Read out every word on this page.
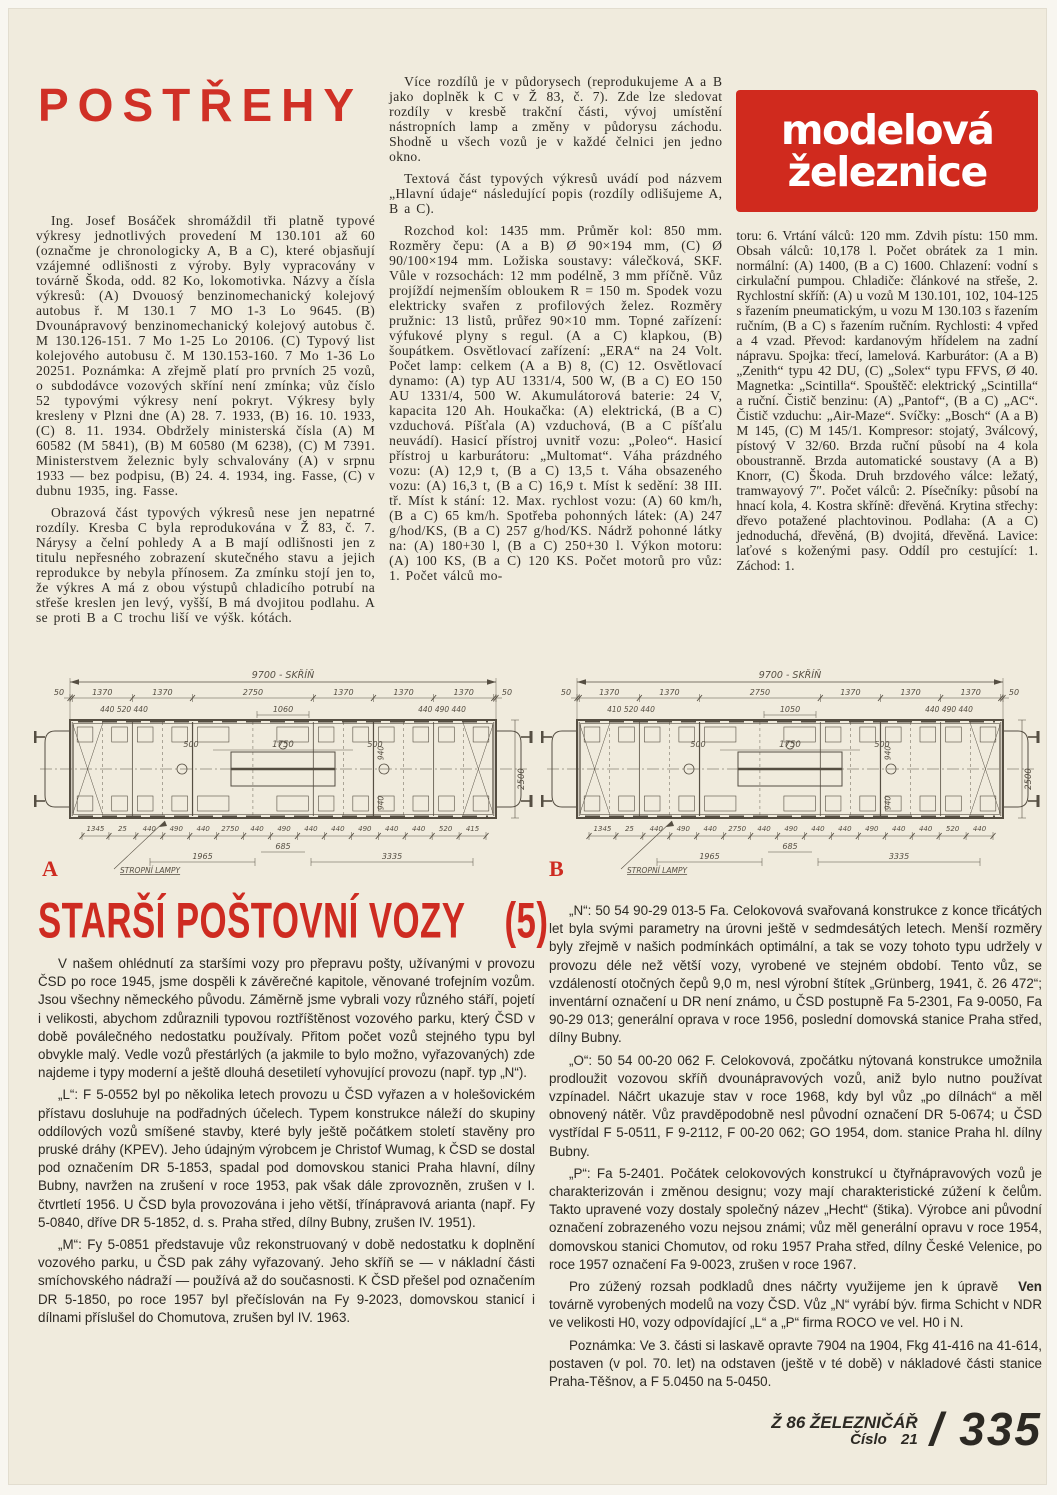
POSTŘEHY

Ing. Josef Bosáček shromáždil tři platně typové výkresy jednotlivých provedení M 130.101 až 60 (označme je chronologicky A, B a C), které objasňují vzájemné odlišnosti z výroby. Byly vypracovány v továrně Škoda, odd. 82 Ko, lokomotivka. Názvy a čísla výkresů: (A) Dvouosý benzinomechanický kolejový autobus ř. M 130.1 7 MO 1-3 Lo 9645. (B) Dvounápravový benzinomechanický kolejový autobus č. M 130.126-151. 7 Mo 1-25 Lo 20106. (C) Typový list kolejového autobusu č. M 130.153-160. 7 Mo 1-36 Lo 20251. Poznámka: A zřejmě platí pro prvních 25 vozů, o subdodávce vozových skříní není zmínka; vůz číslo 52 typovými výkresy není pokryt. Výkresy byly kresleny v Plzni dne (A) 28. 7. 1933, (B) 16. 10. 1933, (C) 8. 11. 1934. Obdržely ministerská čísla (A) M 60582 (M 5841), (B) M 60580 (M 6238), (C) M 7391. Ministerstvem železnic byly schvalovány (A) v srpnu 1933 — bez podpisu, (B) 24. 4. 1934, ing. Fasse, (C) v dubnu 1935, ing. Fasse.

Obrazová část typových výkresů nese jen nepatrné rozdíly. Kresba C byla reprodukována v Ž 83, č. 7. Nárysy a čelní pohledy A a B mají odlišnosti jen z titulu nepřesného zobrazení skutečného stavu a jejich reprodukce by nebyla přínosem. Za zmínku stojí jen to, že výkres A má z obou výstupů chladicího potrubí na střeše kreslen jen levý, vyšší, B má dvojitou podlahu. A se proti B a C trochu liší ve výšk. kótách.

Více rozdílů je v půdorysech (reprodukujeme A a B jako doplněk k C v Ž 83, č. 7). Zde lze sledovat rozdíly v kresbě trakční části, vývoj umístění nástropních lamp a změny v půdorysu záchodu. Shodně u všech vozů je v každé čelnici jen jedno okno.

Textová část typových výkresů uvádí pod názvem „Hlavní údaje“ následující popis (rozdíly odlišujeme A, B a C).

Rozchod kol: 1435 mm. Průměr kol: 850 mm. Rozměry čepu: (A a B) Ø 90×194 mm, (C) Ø 90/100×194 mm. Ložiska soustavy: válečková, SKF. Vůle v rozsochách: 12 mm podélně, 3 mm příčně. Vůz projíždí nejmenším obloukem R = 150 m. Spodek vozu elektricky svařen z profilových želez. Rozměry pružnic: 13 listů, průřez 90×10 mm. Topné zařízení: výfukové plyny s regul. (A a C) klapkou, (B) šoupátkem. Osvětlovací zařízení: „ERA“ na 24 Volt. Počet lamp: celkem (A a B) 8, (C) 12. Osvětlovací dynamo: (A) typ AU 1331/4, 500 W, (B a C) EO 150 AU 1331/4, 500 W. Akumulátorová baterie: 24 V, kapacita 120 Ah. Houkačka: (A) elektrická, (B a C) vzduchová. Píšťala (A) vzduchová, (B a C píšťalu neuvádí). Hasicí přístroj uvnitř vozu: „Poleo“. Hasicí přístroj u karburátoru: „Multomat“. Váha prázdného vozu: (A) 12,9 t, (B a C) 13,5 t. Váha obsazeného vozu: (A) 16,3 t, (B a C) 16,9 t. Míst k sedění: 38 III. tř. Míst k stání: 12. Max. rychlost vozu: (A) 60 km/h, (B a C) 65 km/h. Spotřeba pohonných látek: (A) 247 g/hod/KS, (B a C) 257 g/hod/KS. Nádrž pohonné látky na: (A) 180+30 l, (B a C) 250+30 l. Výkon motoru: (A) 100 KS, (B a C) 120 KS. Počet motorů pro vůz: 1. Počet válců mo-

modelová
železnice

toru: 6. Vrtání válců: 120 mm. Zdvih pístu: 150 mm. Obsah válců: 10,178 l. Počet obrátek za 1 min. normální: (A) 1400, (B a C) 1600. Chlazení: vodní s cirkulační pumpou. Chladiče: článkové na střeše, 2. Rychlostní skříň: (A) u vozů M 130.101, 102, 104-125 s řazením pneumatickým, u vozu M 130.103 s řazením ručním, (B a C) s řazením ručním. Rychlosti: 4 vpřed a 4 vzad. Převod: kardanovým hřídelem na zadní nápravu. Spojka: třecí, lamelová. Karburátor: (A a B) „Zenith“ typu 42 DU, (C) „Solex“ typu FFVS, Ø 40. Magnetka: „Scintilla“. Spouštěč: elektrický „Scintilla“ a ruční. Čistič benzinu: (A) „Pantof“, (B a C) „AC“. Čistič vzduchu: „Air-Maze“. Svíčky: „Bosch“ (A a B) M 145, (C) M 145/1. Kompresor: stojatý, 3válcový, pístový V 32/60. Brzda ruční působí na 4 kola oboustranně. Brzda automatické soustavy (A a B) Knorr, (C) Škoda. Druh brzdového válce: ležatý, tramwayový 7″. Počet válců: 2. Písečníky: působí na hnací kola, 4. Kostra skříně: dřevěná. Krytina střechy: dřevo potažené plachtovinou. Podlaha: (A a C) jednoduchá, dřevěná, (B) dvojitá, dřevěná. Lavice: laťové s koženými pasy. Oddíl pro cestující: 1. Záchod: 1.

9700 - SKŘÍŇ
50	1370	1370	2750	1370	1370	1370	50
440 520 440	1060	440 490 440
500	1750	500
940
940
2500
1345 25 440 490 440 2750 440 490 440 440 490 440 440 520 415
685
1965	3335
STROPNÍ LAMPY
A
9700 - SKŘÍŇ
50	1370	1370	2750	1370	1370	1370	50
410 520 440	1050	440 490 440
500	1750	500
940
940
2500
1345 25 440 490 440 2750 440 490 440 440 490 440 440 520 440
685
1965	3335
STROPNÍ LAMPY
B
STARŠÍ POŠTOVNÍ VOZY (5)

V našem ohlédnutí za staršími vozy pro přepravu pošty, užívanými v provozu ČSD po roce 1945, jsme dospěli k závěrečné kapitole, věnované trofejním vozům. Jsou všechny německého původu. Záměrně jsme vybrali vozy různého stáří, pojetí i velikosti, abychom zdůraznili typovou roztříštěnost vozového parku, který ČSD v době poválečného nedostatku používaly. Přitom počet vozů stejného typu byl obvykle malý. Vedle vozů přestárlých (a jakmile to bylo možno, vyřazovaných) zde najdeme i typy moderní a ještě dlouhá desetiletí vyhovující provozu (např. typ „N“).

„L“: F 5-0552 byl po několika letech provozu u ČSD vyřazen a v holešovickém přístavu dosluhuje na podřadných účelech. Typem konstrukce náleží do skupiny oddílových vozů smíšené stavby, které byly ještě počátkem století stavěny pro pruské dráhy (KPEV). Jeho údajným výrobcem je Christof Wumag, k ČSD se dostal pod označením DR 5-1853, spadal pod domovskou stanici Praha hlavní, dílny Bubny, navržen na zrušení v roce 1953, pak však dále zprovozněn, zrušen v I. čtvrtletí 1956. U ČSD byla provozována i jeho větší, třínápravová arianta (např. Fy 5-0840, dříve DR 5-1852, d. s. Praha střed, dílny Bubny, zrušen IV. 1951).

„M“: Fy 5-0851 představuje vůz rekonstruovaný v době nedostatku k doplnění vozového parku, u ČSD pak záhy vyřazovaný. Jeho skříň se — v nákladní části smíchovského nádraží — používá až do současnosti. K ČSD přešel pod označením DR 5-1850, po roce 1957 byl přečíslován na Fy 9-2023, domovskou stanicí i dílnami příslušel do Chomutova, zrušen byl IV. 1963.

„N“: 50 54 90-29 013-5 Fa. Celokovová svařovaná konstrukce z konce třicátých let byla svými parametry na úrovni ještě v sedmdesátých letech. Menší rozměry byly zřejmě v našich podmínkách optimální, a tak se vozy tohoto typu udržely v provozu déle než větší vozy, vyrobené ve stejném období. Tento vůz, se vzdáleností otočných čepů 9,0 m, nesl výrobní štítek „Grünberg, 1941, č. 26 472“; inventární označení u DR není známo, u ČSD postupně Fa 5-2301, Fa 9-0050, Fa 90-29 013; generální oprava v roce 1956, poslední domovská stanice Praha střed, dílny Bubny.

„O“: 50 54 00-20 062 F. Celokovová, zpočátku nýtovaná konstrukce umožnila prodloužit vozovou skříň dvounápravových vozů, aniž bylo nutno používat vzpínadel. Náčrt ukazuje stav v roce 1968, kdy byl vůz „po dílnách“ a měl obnovený nátěr. Vůz pravděpodobně nesl původní označení DR 5-0674; u ČSD vystřídal F 5-0511, F 9-2112, F 00-20 062; GO 1954, dom. stanice Praha hl. dílny Bubny.

„P“: Fa 5-2401. Počátek celokovových konstrukcí u čtyřnápravových vozů je charakterizován i změnou designu; vozy mají charakteristické zúžení k čelům. Takto upravené vozy dostaly společný název „Hecht“ (štika). Výrobce ani původní označení zobrazeného vozu nejsou známi; vůz měl generální opravu v roce 1954, domovskou stanici Chomutov, od roku 1957 Praha střed, dílny České Velenice, po roce 1957 označení Fa 9-0023, zrušen v roce 1967.

Ven
Pro zúžený rozsah podkladů dnes náčrty využijeme jen k úpravě továrně vyrobených modelů na vozy ČSD. Vůz „N“ vyrábí býv. firma Schicht v NDR ve velikosti H0, vozy odpovídající „L“ a „P“ firma ROCO ve vel. H0 i N.

Poznámka: Ve 3. části si laskavě opravte 7904 na 1904, Fkg 41-416 na 41-614, postaven (v pol. 70. let) na odstaven (ještě v té době) v nákladové části stanice Praha-Těšnov, a F 5.0450 na 5-0450.

Ž 86 ŽELEZNIČÁŘ
Číslo 21 / 335
